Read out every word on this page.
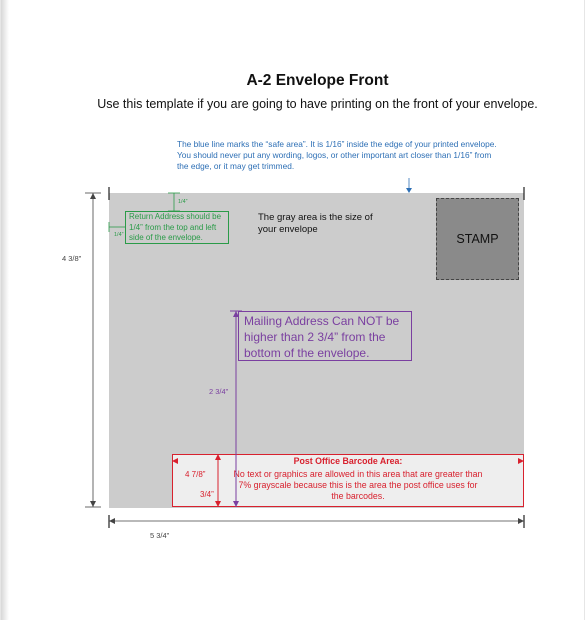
A-2 Envelope Front
Use this template if you are going to have printing on the front of your envelope.
The blue line marks the “safe area”. It is 1/16” inside the edge of your printed envelope. You should never put any wording, logos, or other important art closer than 1/16” from the edge, or it may get trimmed.
The gray area is the size of your envelope
STAMP
Return Address should be 1/4” from the top and left side of the envelope.
Mailing Address Can NOT be higher than 2 3/4” from the bottom of the envelope.
Post Office Barcode Area:
No text or graphics are allowed in this area that are greater than 7% grayscale because this is the area the post office uses for the barcodes.
4 3/8”
5 3/4”
1/4”
1/4”
2 3/4”
4 7/8”
3/4”
